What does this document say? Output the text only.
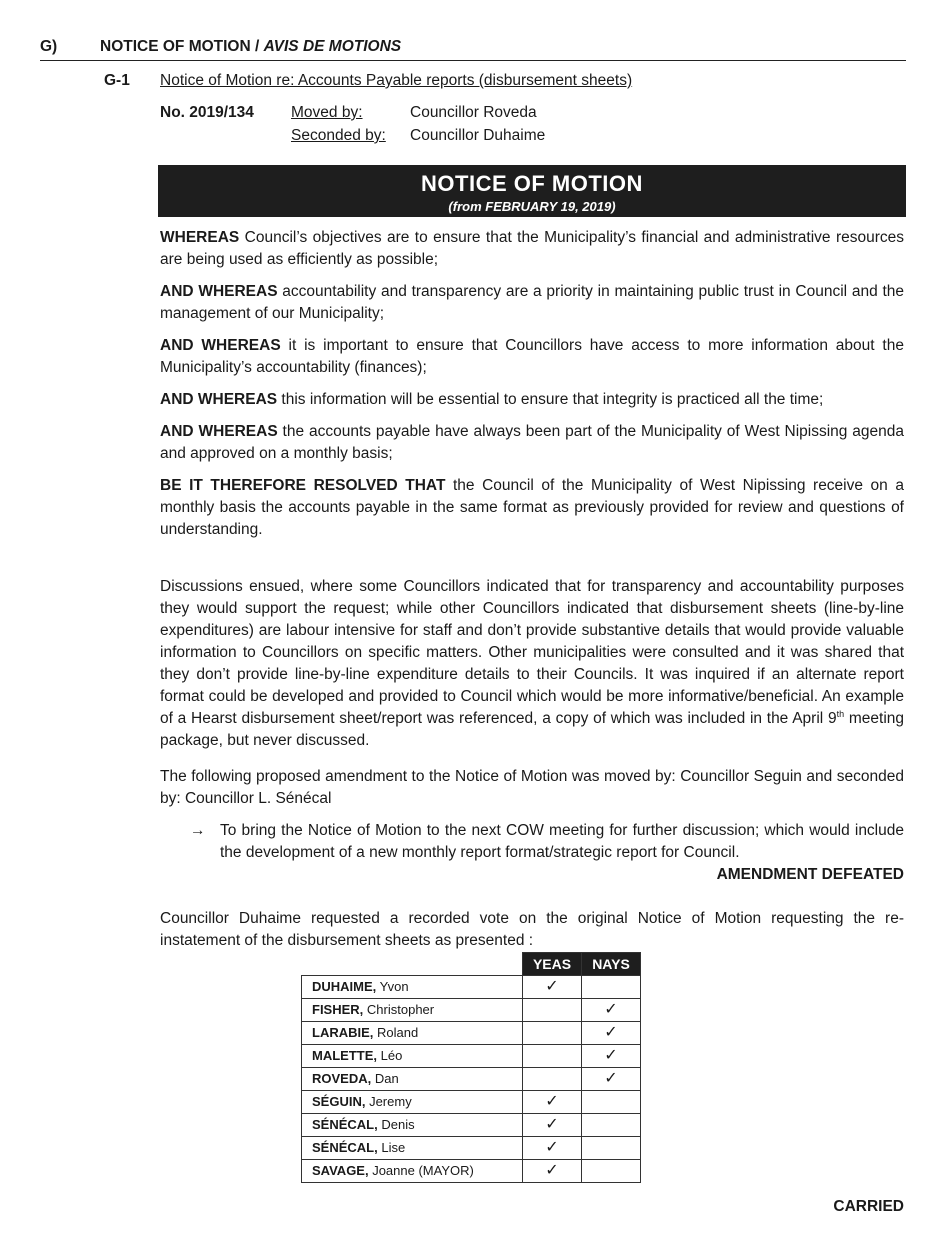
G)	NOTICE OF MOTION / AVIS DE MOTIONS
G-1 Notice of Motion re: Accounts Payable reports (disbursement sheets)
No. 2019/134 Moved by:	Councillor Roveda
Seconded by: Councillor Duhaime
NOTICE OF MOTION
(from FEBRUARY 19, 2019)
WHEREAS Council’s objectives are to ensure that the Municipality’s financial and administrative resources are being used as efficiently as possible;
AND WHEREAS accountability and transparency are a priority in maintaining public trust in Council and the management of our Municipality;
AND WHEREAS it is important to ensure that Councillors have access to more information about the Municipality’s accountability (finances);
AND WHEREAS this information will be essential to ensure that integrity is practiced all the time;
AND WHEREAS the accounts payable have always been part of the Municipality of West Nipissing agenda and approved on a monthly basis;
BE IT THEREFORE RESOLVED THAT the Council of the Municipality of West Nipissing receive on a monthly basis the accounts payable in the same format as previously provided for review and questions of understanding.
Discussions ensued, where some Councillors indicated that for transparency and accountability purposes they would support the request; while other Councillors indicated that disbursement sheets (line-by-line expenditures) are labour intensive for staff and don’t provide substantive details that would provide valuable information to Councillors on specific matters. Other municipalities were consulted and it was shared that they don’t provide line-by-line expenditure details to their Councils. It was inquired if an alternate report format could be developed and provided to Council which would be more informative/beneficial. An example of a Hearst disbursement sheet/report was referenced, a copy of which was included in the April 9th meeting package, but never discussed.
The following proposed amendment to the Notice of Motion was moved by: Councillor Seguin and seconded by: Councillor L. Sénécal
→ To bring the Notice of Motion to the next COW meeting for further discussion; which would include the development of a new monthly report format/strategic report for Council.
AMENDMENT DEFEATED
Councillor Duhaime requested a recorded vote on the original Notice of Motion requesting the re-instatement of the disbursement sheets as presented :
	YEAS	NAYS
DUHAIME, Yvon	✓	
FISHER, Christopher		✓
LARABIE, Roland		✓
MALETTE, Léo		✓
ROVEDA, Dan		✓
SÉGUIN, Jeremy	✓	
SÉNÉCAL, Denis	✓	
SÉNÉCAL, Lise	✓	
SAVAGE, Joanne (MAYOR)	✓	
CARRIED
